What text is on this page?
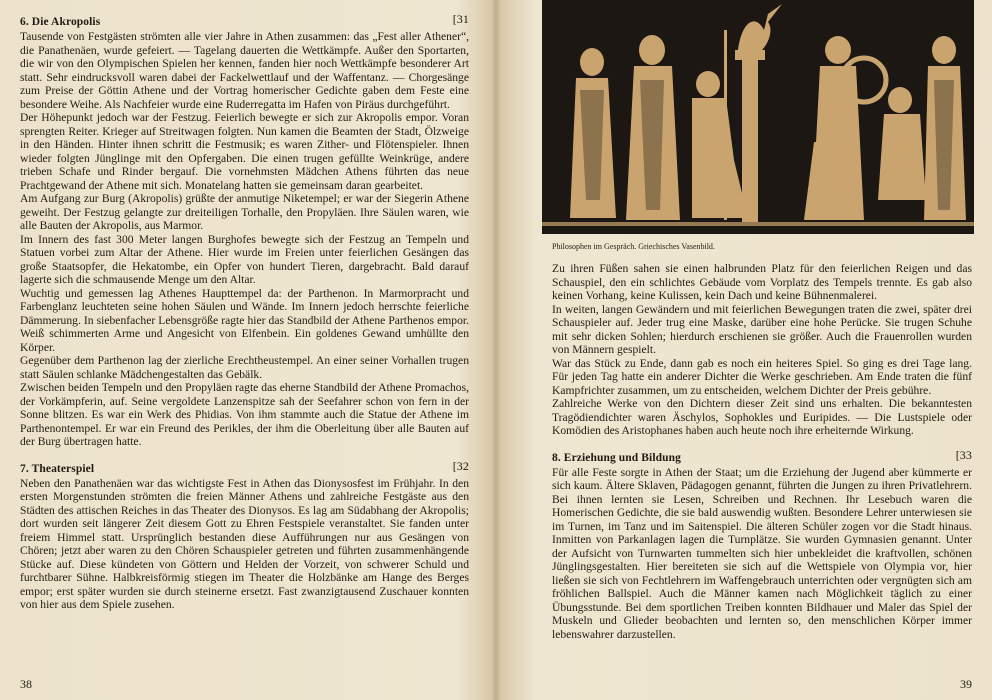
6. Die Akropolis	[31

Tausende von Festgästen strömten alle vier Jahre in Athen zusammen: das „Fest aller Athener“, die Panathenäen, wurde gefeiert. — Tagelang dauerten die Wettkämpfe. Außer den Sportarten, die wir von den Olympischen Spielen her kennen, fanden hier noch Wettkämpfe besonderer Art statt. Sehr eindrucksvoll waren dabei der Fackelwettlauf und der Waffentanz. — Chorgesänge zum Preise der Göttin Athene und der Vortrag homerischer Gedichte gaben dem Feste eine besondere Weihe. Als Nachfeier wurde eine Ruderregatta im Hafen von Piräus durchgeführt.

Der Höhepunkt jedoch war der Festzug. Feierlich bewegte er sich zur Akropolis empor. Voran sprengten Reiter. Krieger auf Streitwagen folgten. Nun kamen die Beamten der Stadt, Ölzweige in den Händen. Hinter ihnen schritt die Festmusik; es waren Zither- und Flötenspieler. Ihnen wieder folgten Jünglinge mit den Opfergaben. Die einen trugen gefüllte Weinkrüge, andere trieben Schafe und Rinder bergauf. Die vornehmsten Mädchen Athens führten das neue Prachtgewand der Athene mit sich. Monatelang hatten sie gemeinsam daran gearbeitet.

Am Aufgang zur Burg (Akropolis) grüßte der anmutige Niketempel; er war der Siegerin Athene geweiht. Der Festzug gelangte zur dreiteiligen Torhalle, den Propyläen. Ihre Säulen waren, wie alle Bauten der Akropolis, aus Marmor.

Im Innern des fast 300 Meter langen Burghofes bewegte sich der Festzug an Tempeln und Statuen vorbei zum Altar der Athene. Hier wurde im Freien unter feierlichen Gesängen das große Staatsopfer, die Hekatombe, ein Opfer von hundert Tieren, dargebracht. Bald darauf lagerte sich die schmausende Menge um den Altar.

Wuchtig und gemessen lag Athenes Haupttempel da: der Parthenon. In Marmorpracht und Farbenglanz leuchteten seine hohen Säulen und Wände. Im Innern jedoch herrschte feierliche Dämmerung. In siebenfacher Lebensgröße ragte hier das Standbild der Athene Parthenos empor. Weiß schimmerten Arme und Angesicht von Elfenbein. Ein goldenes Gewand umhüllte den Körper.

Gegenüber dem Parthenon lag der zierliche Erechtheustempel. An einer seiner Vorhallen trugen statt Säulen schlanke Mädchengestalten das Gebälk.

Zwischen beiden Tempeln und den Propyläen ragte das eherne Standbild der Athene Promachos, der Vorkämpferin, auf. Seine vergoldete Lanzenspitze sah der Seefahrer schon von fern in der Sonne blitzen. Es war ein Werk des Phidias. Von ihm stammte auch die Statue der Athene im Parthenontempel. Er war ein Freund des Perikles, der ihm die Oberleitung über alle Bauten auf der Burg übertragen hatte.

7. Theaterspiel	[32

Neben den Panathenäen war das wichtigste Fest in Athen das Dionysosfest im Frühjahr. In den ersten Morgenstunden strömten die freien Männer Athens und zahlreiche Festgäste aus den Städten des attischen Reiches in das Theater des Dionysos. Es lag am Südabhang der Akropolis; dort wurden seit längerer Zeit diesem Gott zu Ehren Festspiele veranstaltet. Sie fanden unter freiem Himmel statt. Ursprünglich bestanden diese Aufführungen nur aus Gesängen von Chören; jetzt aber waren zu den Chören Schauspieler getreten und führten zusammenhängende Stücke auf. Diese kündeten von Göttern und Helden der Vorzeit, von schwerer Schuld und furchtbarer Sühne. Halbkreisförmig stiegen im Theater die Holzbänke am Hange des Berges empor; erst später wurden sie durch steinerne ersetzt. Fast zwanzigtausend Zuschauer konnten von hier aus dem Spiele zusehen.

38
Philosophen im Gespräch. Griechisches Vasenbild.

Zu ihren Füßen sahen sie einen halbrunden Platz für den feierlichen Reigen und das Schauspiel, den ein schlichtes Gebäude vom Vorplatz des Tempels trennte. Es gab also keinen Vorhang, keine Kulissen, kein Dach und keine Bühnenmalerei.

In weiten, langen Gewändern und mit feierlichen Bewegungen traten die zwei, später drei Schauspieler auf. Jeder trug eine Maske, darüber eine hohe Perücke. Sie trugen Schuhe mit sehr dicken Sohlen; hierdurch erschienen sie größer. Auch die Frauenrollen wurden von Männern gespielt.

War das Stück zu Ende, dann gab es noch ein heiteres Spiel. So ging es drei Tage lang. Für jeden Tag hatte ein anderer Dichter die Werke geschrieben. Am Ende traten die fünf Kampfrichter zusammen, um zu entscheiden, welchem Dichter der Preis gebühre.

Zahlreiche Werke von den Dichtern dieser Zeit sind uns erhalten. Die bekanntesten Tragödiendichter waren Äschylos, Sophokles und Euripides. — Die Lustspiele oder Komödien des Aristophanes haben auch heute noch ihre erheiternde Wirkung.

8. Erziehung und Bildung	[33

Für alle Feste sorgte in Athen der Staat; um die Erziehung der Jugend aber kümmerte er sich kaum. Ältere Sklaven, Pädagogen genannt, führten die Jungen zu ihren Privatlehrern. Bei ihnen lernten sie Lesen, Schreiben und Rechnen. Ihr Lesebuch waren die Homerischen Gedichte, die sie bald auswendig wußten. Besondere Lehrer unterwiesen sie im Turnen, im Tanz und im Saitenspiel. Die älteren Schüler zogen vor die Stadt hinaus. Inmitten von Parkanlagen lagen die Turnplätze. Sie wurden Gymnasien genannt. Unter der Aufsicht von Turnwarten tummelten sich hier unbekleidet die kraftvollen, schönen Jünglingsgestalten. Hier bereiteten sie sich auf die Wettspiele von Olympia vor, hier ließen sie sich von Fechtlehrern im Waffengebrauch unterrichten oder vergnügten sich am fröhlichen Ballspiel. Auch die Männer kamen nach Möglichkeit täglich zu einer Übungsstunde. Bei dem sportlichen Treiben konnten Bildhauer und Maler das Spiel der Muskeln und Glieder beobachten und lernten so, den menschlichen Körper immer lebenswahrer darzustellen.

39
